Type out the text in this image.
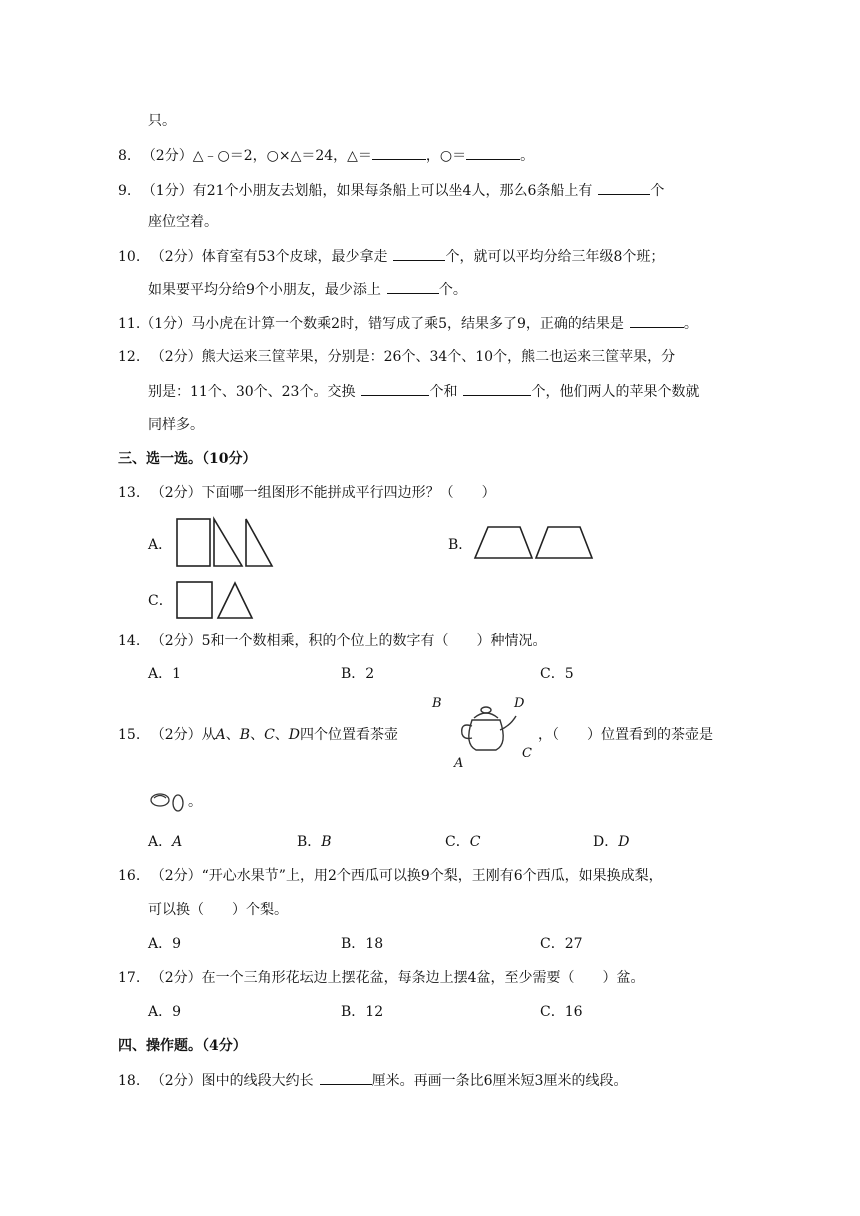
只。
8. （2分）△﹣○＝2，○×△＝24，△＝	，○＝	。
9. （1分）有21个小朋友去划船，如果每条船上可以坐4人，那么6条船上有	个
座位空着。
10. （2分）体育室有53个皮球，最少拿走	个，就可以平均分给三年级8个班；
如果要平均分给9个小朋友，最少添上	个。
11.（1分）马小虎在计算一个数乘2时，错写成了乘5，结果多了9，正确的结果是	。
12. （2分）熊大运来三筐苹果，分别是：26个、34个、10个，熊二也运来三筐苹果，分
别是：11个、30个、23个。交换	个和	个，他们两人的苹果个数就
同样多。
三、选一选。（10分）
13. （2分）下面哪一组图形不能拼成平行四边形？（　　）
A．	B．
C．
14. （2分）5和一个数相乘，积的个位上的数字有（　　）种情况。
A．1	B．2	C．5
15. （2分）从A、B、C、D四个位置看茶壶
B	D
C
A
，（　　）位置看到的茶壶是
。
A．A	B．B	C．C	D．D
16. （2分）“开心水果节”上，用2个西瓜可以换9个梨，王刚有6个西瓜，如果换成梨，
可以换（　　）个梨。
A．9	B．18	C．27
17. （2分）在一个三角形花坛边上摆花盆，每条边上摆4盆，至少需要（　　）盆。
A．9	B．12	C．16
四、操作题。（4分）
18. （2分）图中的线段大约长	厘米。再画一条比6厘米短3厘米的线段。
